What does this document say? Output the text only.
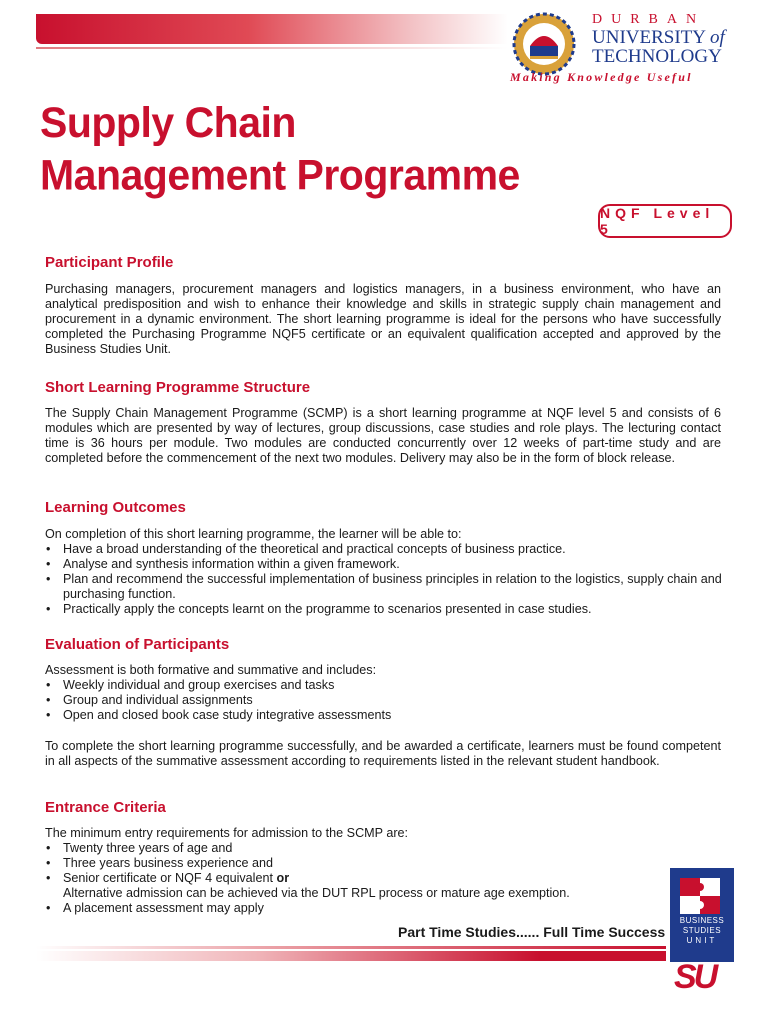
DURBAN
UNIVERSITY of
TECHNOLOGY
Making Knowledge Useful
Supply Chain
Management Programme
NQF Level 5
Participant Profile
Purchasing managers, procurement managers and logistics managers, in a business environment, who have an analytical predisposition and wish to enhance their knowledge and skills in strategic supply chain management and procurement in a dynamic environment. The short learning programme is ideal for the persons who have successfully completed the Purchasing Programme NQF5 certificate or an equivalent qualification accepted and approved by the Business Studies Unit.
Short Learning Programme Structure
The Supply Chain Management Programme (SCMP) is a short learning programme at NQF level 5 and consists of 6 modules which are presented by way of lectures, group discussions, case studies and role plays. The lecturing contact time is 36 hours per module. Two modules are conducted concurrently over 12 weeks of part-time study and are completed before the commencement of the next two modules. Delivery may also be in the form of block release.
Learning Outcomes
On completion of this short learning programme, the learner will be able to:
• Have a broad understanding of the theoretical and practical concepts of business practice.
• Analyse and synthesis information within a given framework.
• Plan and recommend the successful implementation of business principles in relation to the logistics, supply chain and purchasing function.
• Practically apply the concepts learnt on the programme to scenarios presented in case studies.
Evaluation of Participants
Assessment is both formative and summative and includes:
• Weekly individual and group exercises and tasks
• Group and individual assignments
• Open and closed book case study integrative assessments
To complete the short learning programme successfully, and be awarded a certificate, learners must be found competent in all aspects of the summative assessment according to requirements listed in the relevant student handbook.
Entrance Criteria
The minimum entry requirements for admission to the SCMP are:
• Twenty three years of age and
• Three years business experience and
• Senior certificate or NQF 4 equivalent or
Alternative admission can be achieved via the DUT RPL process or mature age exemption.
• A placement assessment may apply
Part Time Studies...... Full Time Success
BUSINESS
STUDIES
UNIT
SU
